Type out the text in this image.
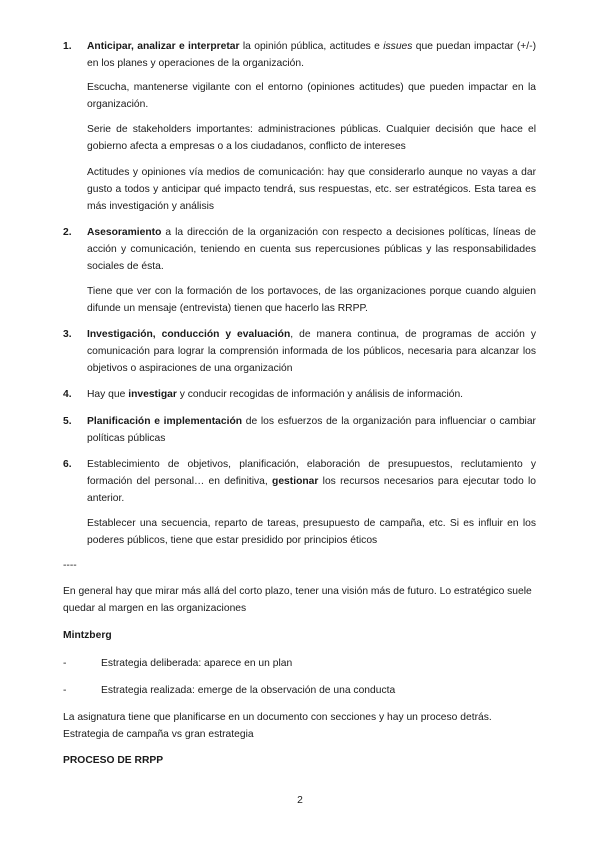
1. Anticipar, analizar e interpretar la opinión pública, actitudes e issues que puedan impactar (+/-) en los planes y operaciones de la organización.

Escucha, mantenerse vigilante con el entorno (opiniones actitudes) que pueden impactar en la organización.

Serie de stakeholders importantes: administraciones públicas. Cualquier decisión que hace el gobierno afecta a empresas o a los ciudadanos, conflicto de intereses

Actitudes y opiniones vía medios de comunicación: hay que considerarlo aunque no vayas a dar gusto a todos y anticipar qué impacto tendrá, sus respuestas, etc. ser estratégicos. Esta tarea es más investigación y análisis

2. Asesoramiento a la dirección de la organización con respecto a decisiones políticas, líneas de acción y comunicación, teniendo en cuenta sus repercusiones públicas y las responsabilidades sociales de ésta.

Tiene que ver con la formación de los portavoces, de las organizaciones porque cuando alguien difunde un mensaje (entrevista) tienen que hacerlo las RRPP.

3. Investigación, conducción y evaluación, de manera continua, de programas de acción y comunicación para lograr la comprensión informada de los públicos, necesaria para alcanzar los objetivos o aspiraciones de una organización

4. Hay que investigar y conducir recogidas de información y análisis de información.

5. Planificación e implementación de los esfuerzos de la organización para influenciar o cambiar políticas públicas

6. Establecimiento de objetivos, planificación, elaboración de presupuestos, reclutamiento y formación del personal… en definitiva, gestionar los recursos necesarios para ejecutar todo lo anterior.

Establecer una secuencia, reparto de tareas, presupuesto de campaña, etc. Si es influir en los poderes públicos, tiene que estar presidido por principios éticos

----

En general hay que mirar más allá del corto plazo, tener una visión más de futuro. Lo estratégico suele quedar al margen en las organizaciones

Mintzberg

-	Estrategia deliberada: aparece en un plan
-	Estrategia realizada: emerge de la observación de una conducta

La asignatura tiene que planificarse en un documento con secciones y hay un proceso detrás. Estrategia de campaña vs gran estrategia

PROCESO DE RRPP

2
